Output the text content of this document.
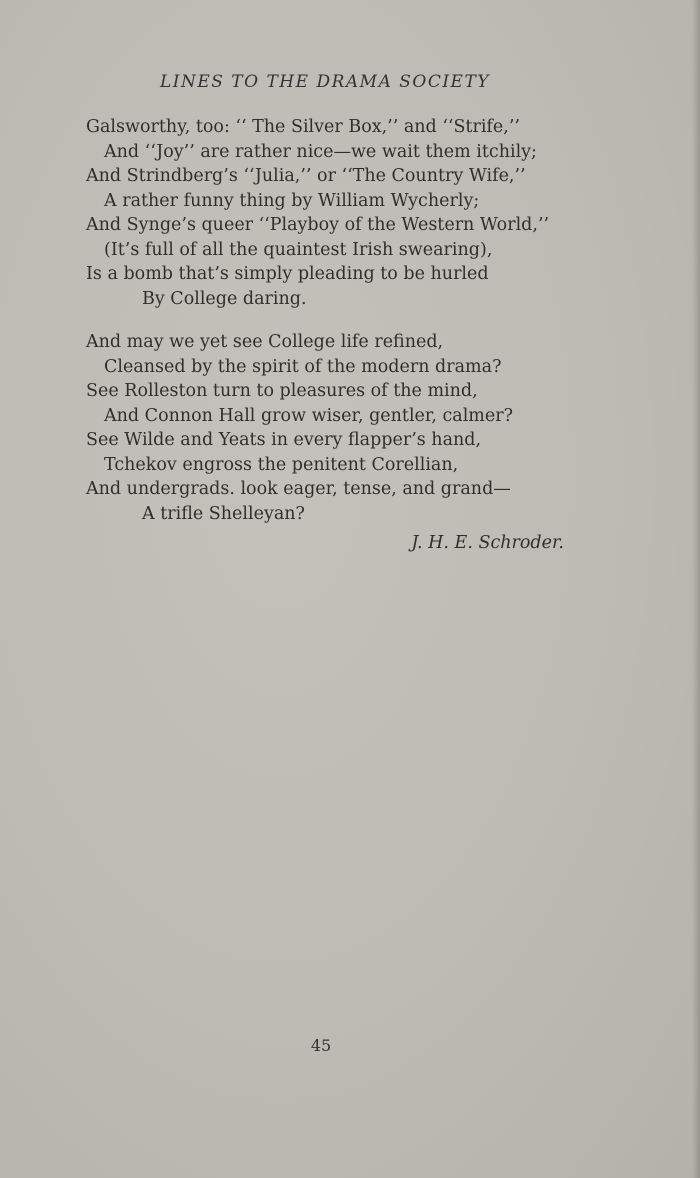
LINES TO THE DRAMA SOCIETY
Galsworthy, too: ‘‘ The Silver Box,’’ and ‘‘Strife,’’
And ‘‘Joy’’ are rather nice—we wait them itchily;
And Strindberg’s ‘‘Julia,’’ or ‘‘The Country Wife,’’
A rather funny thing by William Wycherly;
And Synge’s queer ‘‘Playboy of the Western World,’’
(It’s full of all the quaintest Irish swearing),
Is a bomb that’s simply pleading to be hurled
By College daring.
And may we yet see College life refined,
Cleansed by the spirit of the modern drama?
See Rolleston turn to pleasures of the mind,
And Connon Hall grow wiser, gentler, calmer?
See Wilde and Yeats in every flapper’s hand,
Tchekov engross the penitent Corellian,
And undergrads. look eager, tense, and grand—
A trifle Shelleyan?
J. H. E. Schroder.
45
